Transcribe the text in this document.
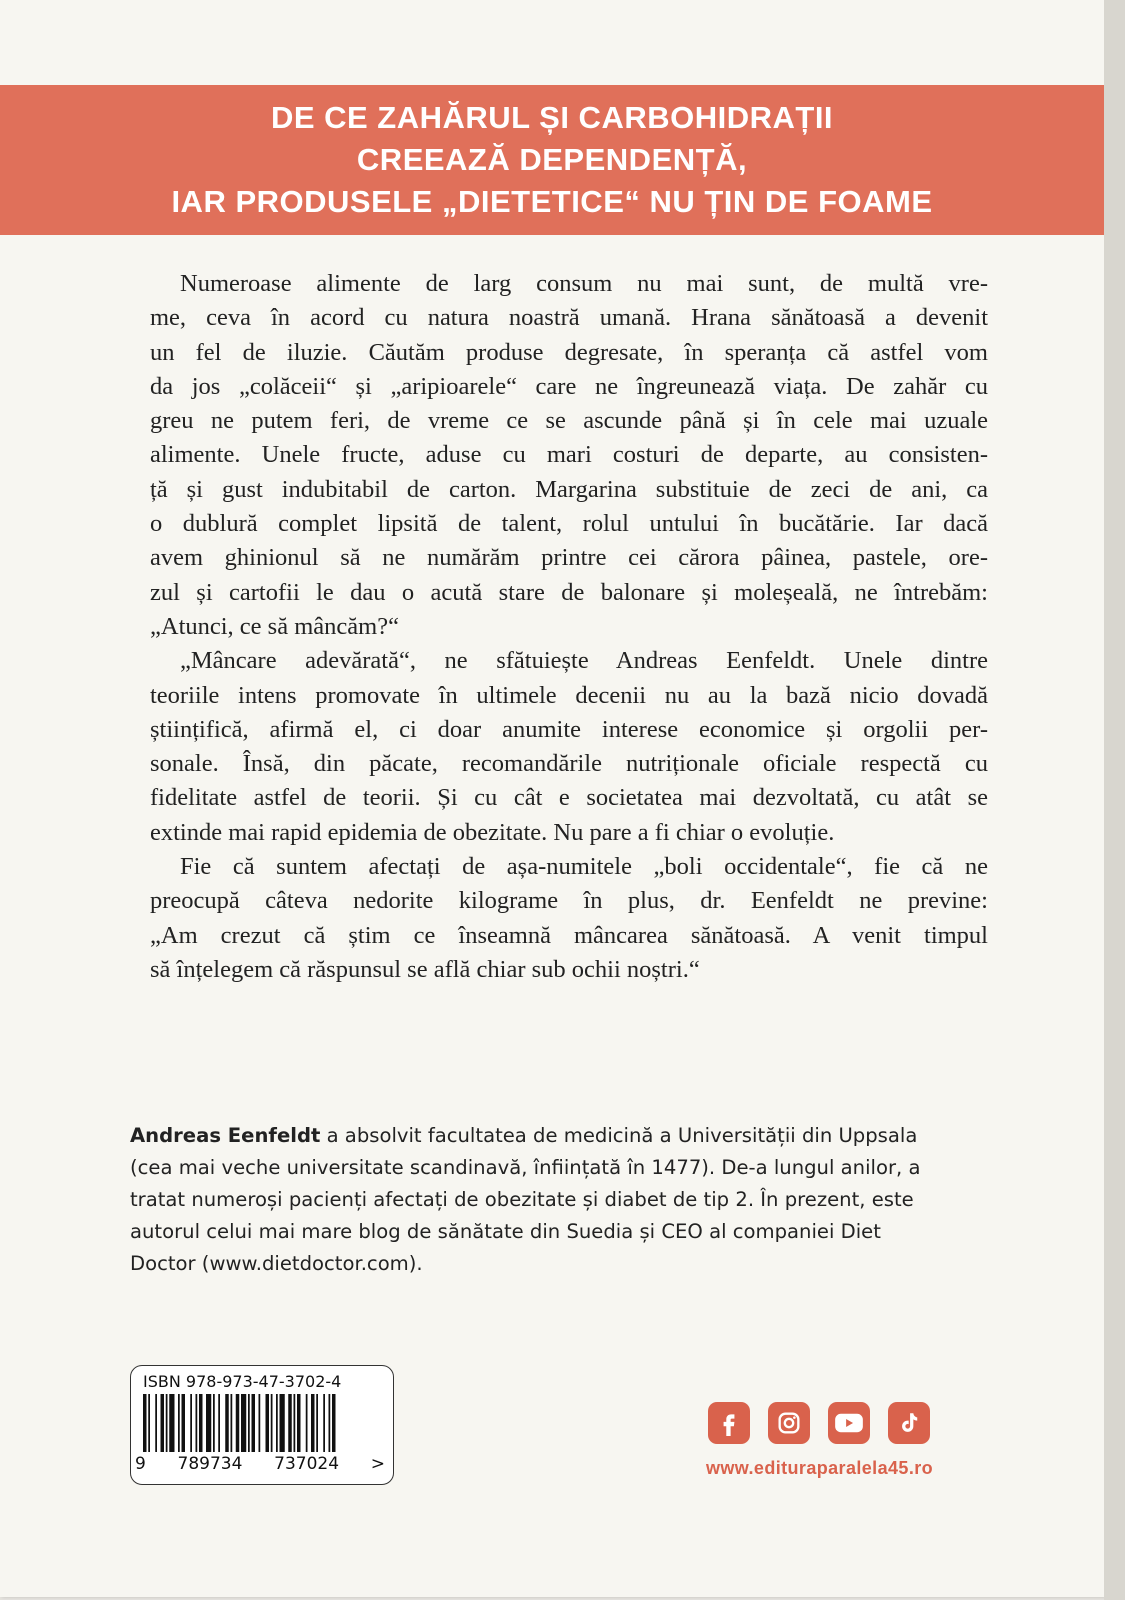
DE CE ZAHĂRUL ȘI CARBOHIDRAȚII
CREEAZĂ DEPENDENȚĂ,
IAR PRODUSELE „DIETETICE“ NU ȚIN DE FOAME
Numeroase alimente de larg consum nu mai sunt, de multă vre-
me, ceva în acord cu natura noastră umană. Hrana sănătoasă a devenit
un fel de iluzie. Căutăm produse degresate, în speranța că astfel vom
da jos „colăceii“ și „aripioarele“ care ne îngreunează viața. De zahăr cu
greu ne putem feri, de vreme ce se ascunde până și în cele mai uzuale
alimente. Unele fructe, aduse cu mari costuri de departe, au consisten-
ță și gust indubitabil de carton. Margarina substituie de zeci de ani, ca
o dublură complet lipsită de talent, rolul untului în bucătărie. Iar dacă
avem ghinionul să ne numărăm printre cei cărora pâinea, pastele, ore-
zul și cartofii le dau o acută stare de balonare și moleșeală, ne întrebăm:
„Atunci, ce să mâncăm?“
„Mâncare adevărată“, ne sfătuiește Andreas Eenfeldt. Unele dintre
teoriile intens promovate în ultimele decenii nu au la bază nicio dovadă
științifică, afirmă el, ci doar anumite interese economice și orgolii per-
sonale. Însă, din păcate, recomandările nutriționale oficiale respectă cu
fidelitate astfel de teorii. Și cu cât e societatea mai dezvoltată, cu atât se
extinde mai rapid epidemia de obezitate. Nu pare a fi chiar o evoluție.
Fie că suntem afectați de așa-numitele „boli occidentale“, fie că ne
preocupă câteva nedorite kilograme în plus, dr. Eenfeldt ne previne:
„Am crezut că știm ce înseamnă mâncarea sănătoasă. A venit timpul
să înțelegem că răspunsul se află chiar sub ochii noștri.“
Andreas Eenfeldt a absolvit facultatea de medicină a Universității din Uppsala
(cea mai veche universitate scandinavă, înființată în 1477). De-a lungul anilor, a
tratat numeroși pacienți afectați de obezitate și diabet de tip 2. În prezent, este
autorul celui mai mare blog de sănătate din Suedia și CEO al companiei Diet
Doctor (www.dietdoctor.com).
ISBN 978-973-47-3702-4
9 789734 737024 >	www.editurаparalela45.ro
